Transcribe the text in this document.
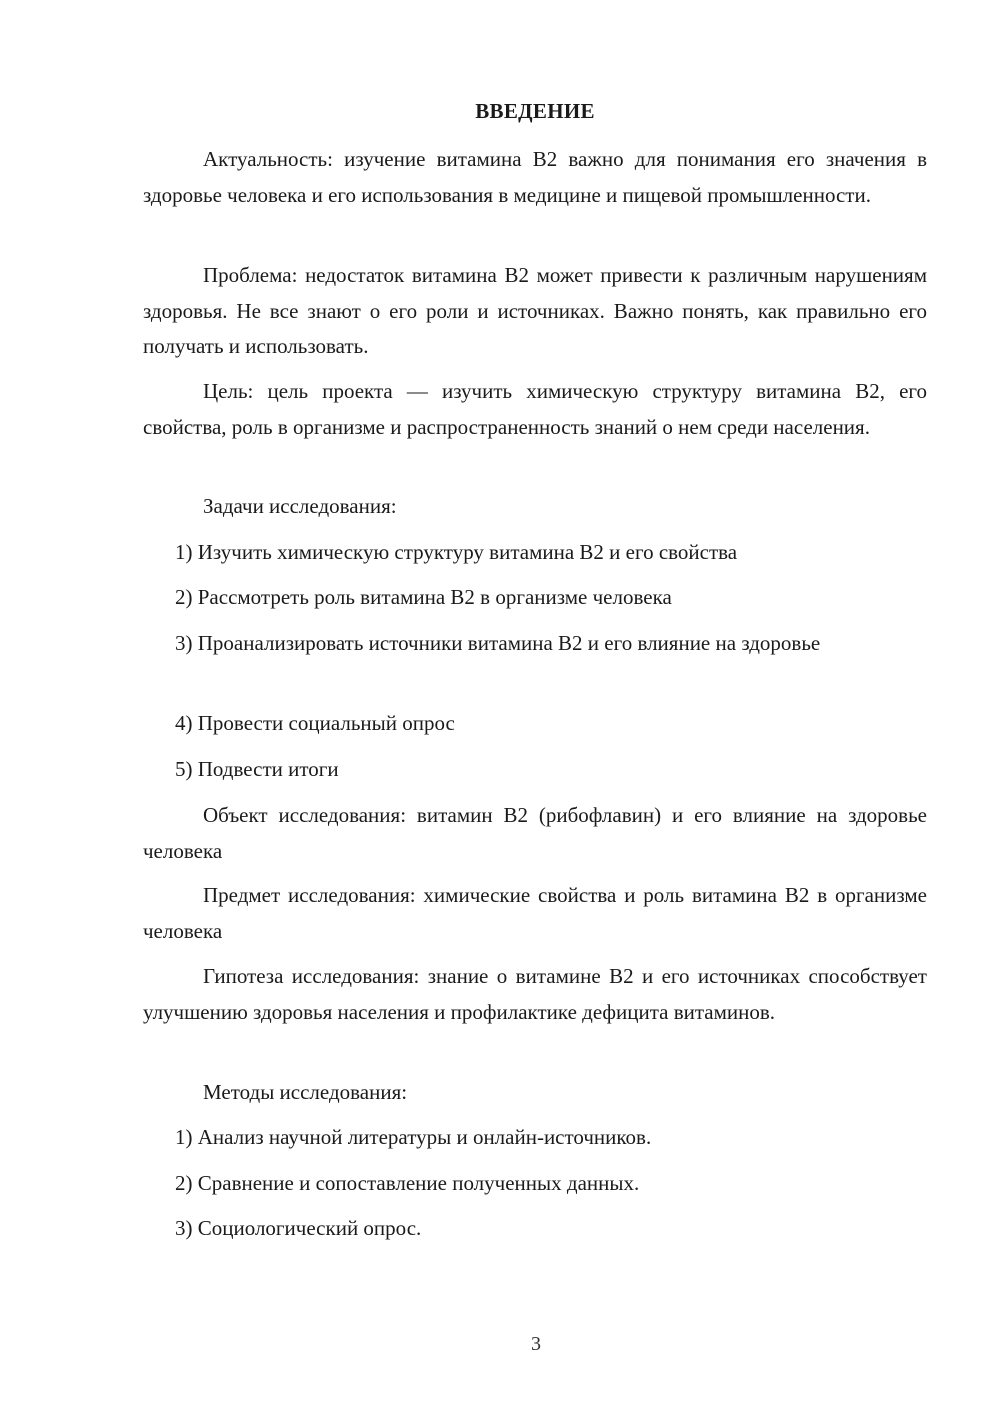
ВВЕДЕНИЕ

Актуальность: изучение витамина В2 важно для понимания его значения в здоровье человека и его использования в медицине и пищевой промышленности.

Проблема: недостаток витамина В2 может привести к различным нарушениям здоровья. Не все знают о его роли и источниках. Важно понять, как правильно его получать и использовать.

Цель: цель проекта — изучить химическую структуру витамина В2, его свойства, роль в организме и распространенность знаний о нем среди населения.

Задачи исследования:

1) Изучить химическую структуру витамина В2 и его свойства

2) Рассмотреть роль витамина В2 в организме человека

3) Проанализировать источники витамина В2 и его влияние на здоровье

4) Провести социальный опрос

5) Подвести итоги

Объект исследования: витамин В2 (рибофлавин) и его влияние на здоровье человека

Предмет исследования: химические свойства и роль витамина В2 в организме человека

Гипотеза исследования: знание о витамине В2 и его источниках способствует улучшению здоровья населения и профилактике дефицита витаминов.

Методы исследования:

1) Анализ научной литературы и онлайн-источников.

2) Сравнение и сопоставление полученных данных.

3) Социологический опрос.

3
